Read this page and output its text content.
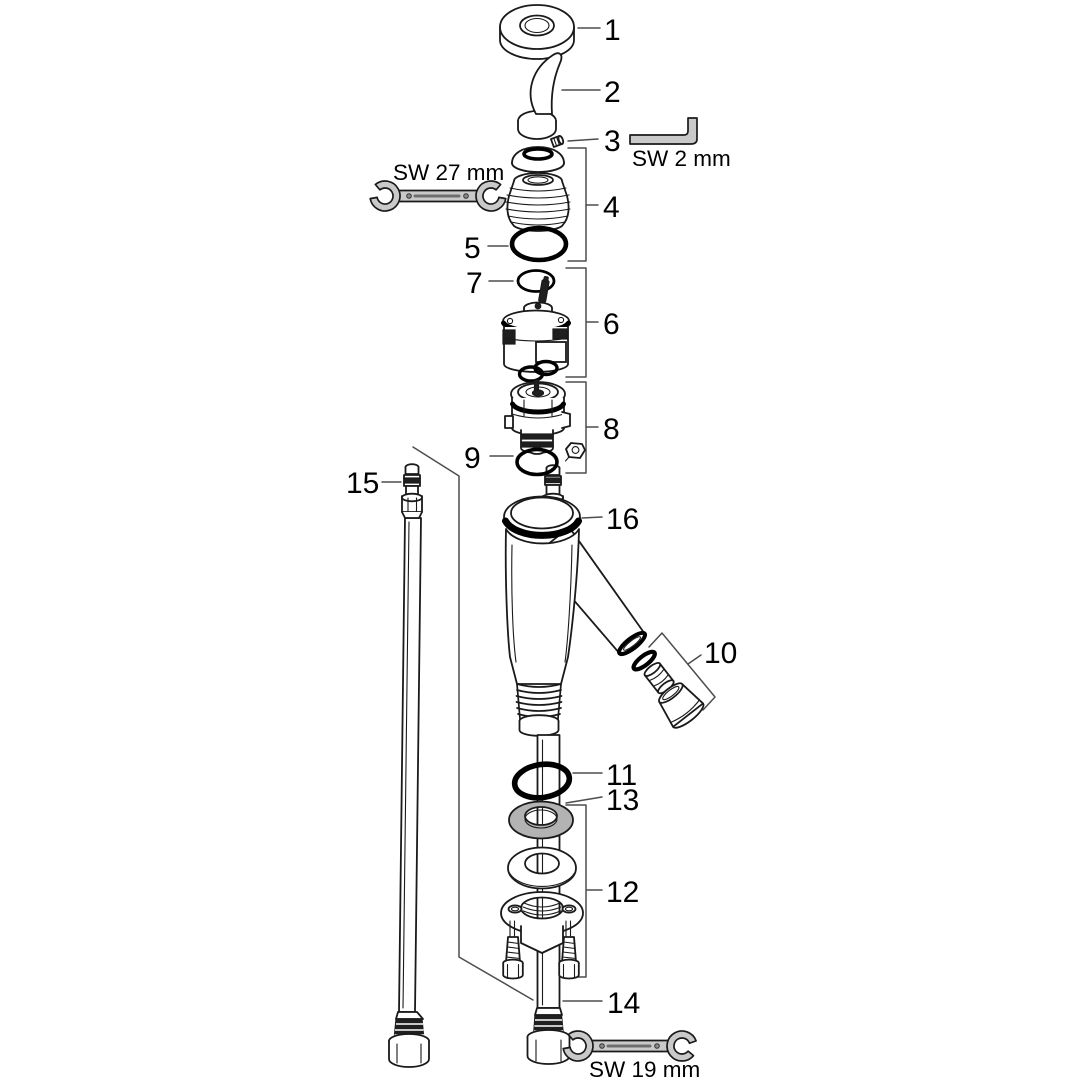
1
2
3
4
5
6
7
8
9
10
11
12
13
14
15
16
SW 27 mm
SW 2 mm
SW 19 mm
